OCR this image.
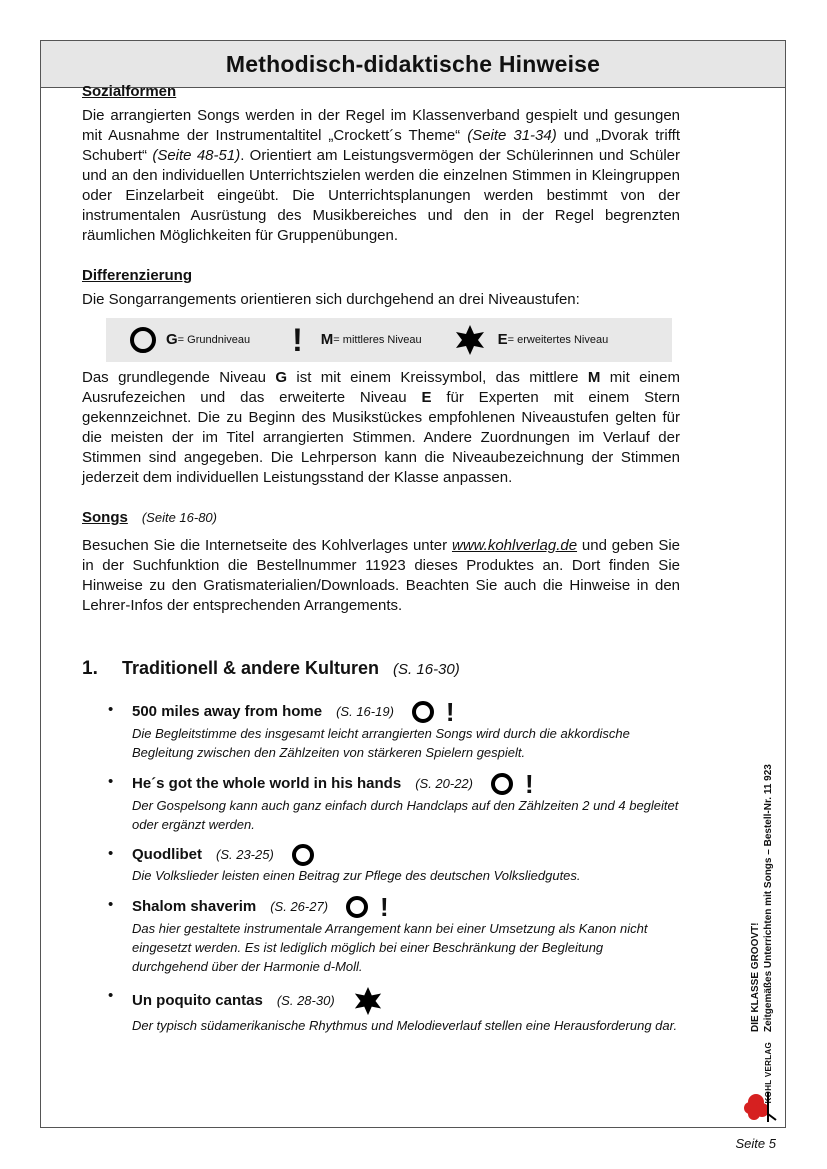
Methodisch-didaktische Hinweise
Sozialformen

Die arrangierten Songs werden in der Regel im Klassenverband gespielt und gesungen mit Ausnahme der Instrumentaltitel „Crockett´s Theme“ (Seite 31-34) und „Dvorak trifft Schubert“ (Seite 48-51). Orientiert am Leistungsvermögen der Schülerinnen und Schüler und an den individuellen Unterrichtszielen werden die einzelnen Stimmen in Kleingruppen oder Einzelarbeit eingeübt. Die Unterrichtsplanungen werden bestimmt von der instrumentalen Ausrüstung des Musikbereiches und den in der Regel begrenzten räumlichen Möglichkeiten für Gruppenübungen.

Differenzierung

Die Songarrangements orientieren sich durchgehend an drei Niveaustufen:

G = Grundniveau ! M = mittleres Niveau	E = erweitertes Niveau

Das grundlegende Niveau G ist mit einem Kreissymbol, das mittlere M mit einem Ausrufezeichen und das erweiterte Niveau E für Experten mit einem Stern gekennzeichnet. Die zu Beginn des Musikstückes empfohlenen Niveaustufen gelten für die meisten der im Titel arrangierten Stimmen. Andere Zuordnungen im Verlauf der Stimmen sind angegeben. Die Lehrperson kann die Niveaubezeichnung der Stimmen jederzeit dem individuellen Leistungsstand der Klasse anpassen.

Songs (Seite 16-80)

Besuchen Sie die Internetseite des Kohlverlages unter www.kohlverlag.de und geben Sie in der Suchfunktion die Bestellnummer 11923 dieses Produktes an. Dort finden Sie Hinweise zu den Gratismaterialien/Downloads. Beachten Sie auch die Hinweise in den Lehrer-Infos der entsprechenden Arrangements.

1.	Traditionell & andere Kulturen (S. 16-30)
• 500 miles away from home (S. 16-19) !
Die Begleitstimme des insgesamt leicht arrangierten Songs wird durch die akkordische Begleitung zwischen den Zählzeiten von stärkeren Spielern gespielt.
• He´s got the whole world in his hands (S. 20-22) !
Der Gospelsong kann auch ganz einfach durch Handclaps auf den Zählzeiten 2 und 4 begleitet oder ergänzt werden.
• Quodlibet (S. 23-25)
Die Volkslieder leisten einen Beitrag zur Pflege des deutschen Volksliedgutes.
• Shalom shaverim (S. 26-27) !
Das hier gestaltete instrumentale Arrangement kann bei einer Umsetzung als Kanon nicht eingesetzt werden. Es ist lediglich möglich bei einer Beschränkung der Begleitung durchgehend über der Harmonie d-Moll.
• Un poquito cantas (S. 28-30)
Der typisch südamerikanische Rhythmus und Melodieverlauf stellen eine Herausforderung dar.	DIE KLASSE GROOVT! Zeitgemäßes Unterrichten mit Songs – Bestell-Nr. 11 923
KOHL VERLAG
Seite 5
